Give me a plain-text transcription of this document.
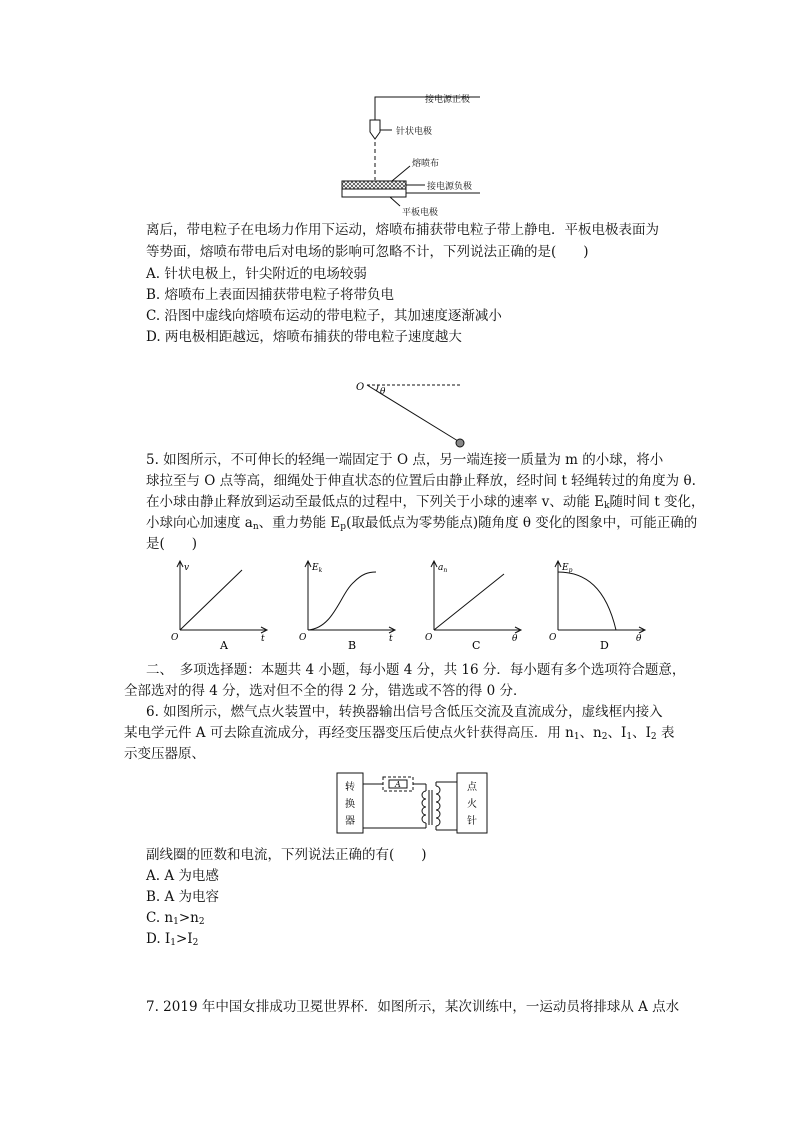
接电源正极
针状电极
熔喷布
接电源负极
平板电极
离后，带电粒子在电场力作用下运动，熔喷布捕获带电粒子带上静电．平板电极表面为
等势面，熔喷布带电后对电场的影响可忽略不计，下列说法正确的是(　　)
A. 针状电极上，针尖附近的电场较弱
B. 熔喷布上表面因捕获带电粒子将带负电
C. 沿图中虚线向熔喷布运动的带电粒子，其加速度逐渐减小
D. 两电极相距越远，熔喷布捕获的带电粒子速度越大
O θ
5. 如图所示，不可伸长的轻绳一端固定于 O 点，另一端连接一质量为 m 的小球，将小
球拉至与 O 点等高，细绳处于伸直状态的位置后由静止释放，经时间 t 轻绳转过的角度为 θ.
在小球由静止释放到运动至最低点的过程中，下列关于小球的速率 v、动能 $E_k$随时间 t 变化，
小球向心加速度 $a_n$、重力势能 $E_p$(取最低点为零势能点)随角度 θ 变化的图象中，可能正确的
是(　　)
v
O	t
A
$E_k$
O	t
B
$a_n$
O	θ
C
$E_p$
O	θ
D
二、　多项选择题：本题共 4 小题，每小题 4 分，共 16 分．每小题有多个选项符合题意，
全部选对的得 4 分，选对但不全的得 2 分，错选或不答的得 0 分．
6. 如图所示，燃气点火装置中，转换器输出信号含低压交流及直流成分，虚线框内接入
某电学元件 A 可去除直流成分，再经变压器变压后使点火针获得高压．用 $n_1$、$n_2$、$I_1$、$I_2$ 表
示变压器原、
转
换
器
点
火
针
A
副线圈的匝数和电流，下列说法正确的有(　　)
A. A 为电感
B. A 为电容
C. $n_1>n_2$
D. $I_1>I_2$
7. 2019 年中国女排成功卫冕世界杯．如图所示，某次训练中，一运动员将排球从 A 点水
